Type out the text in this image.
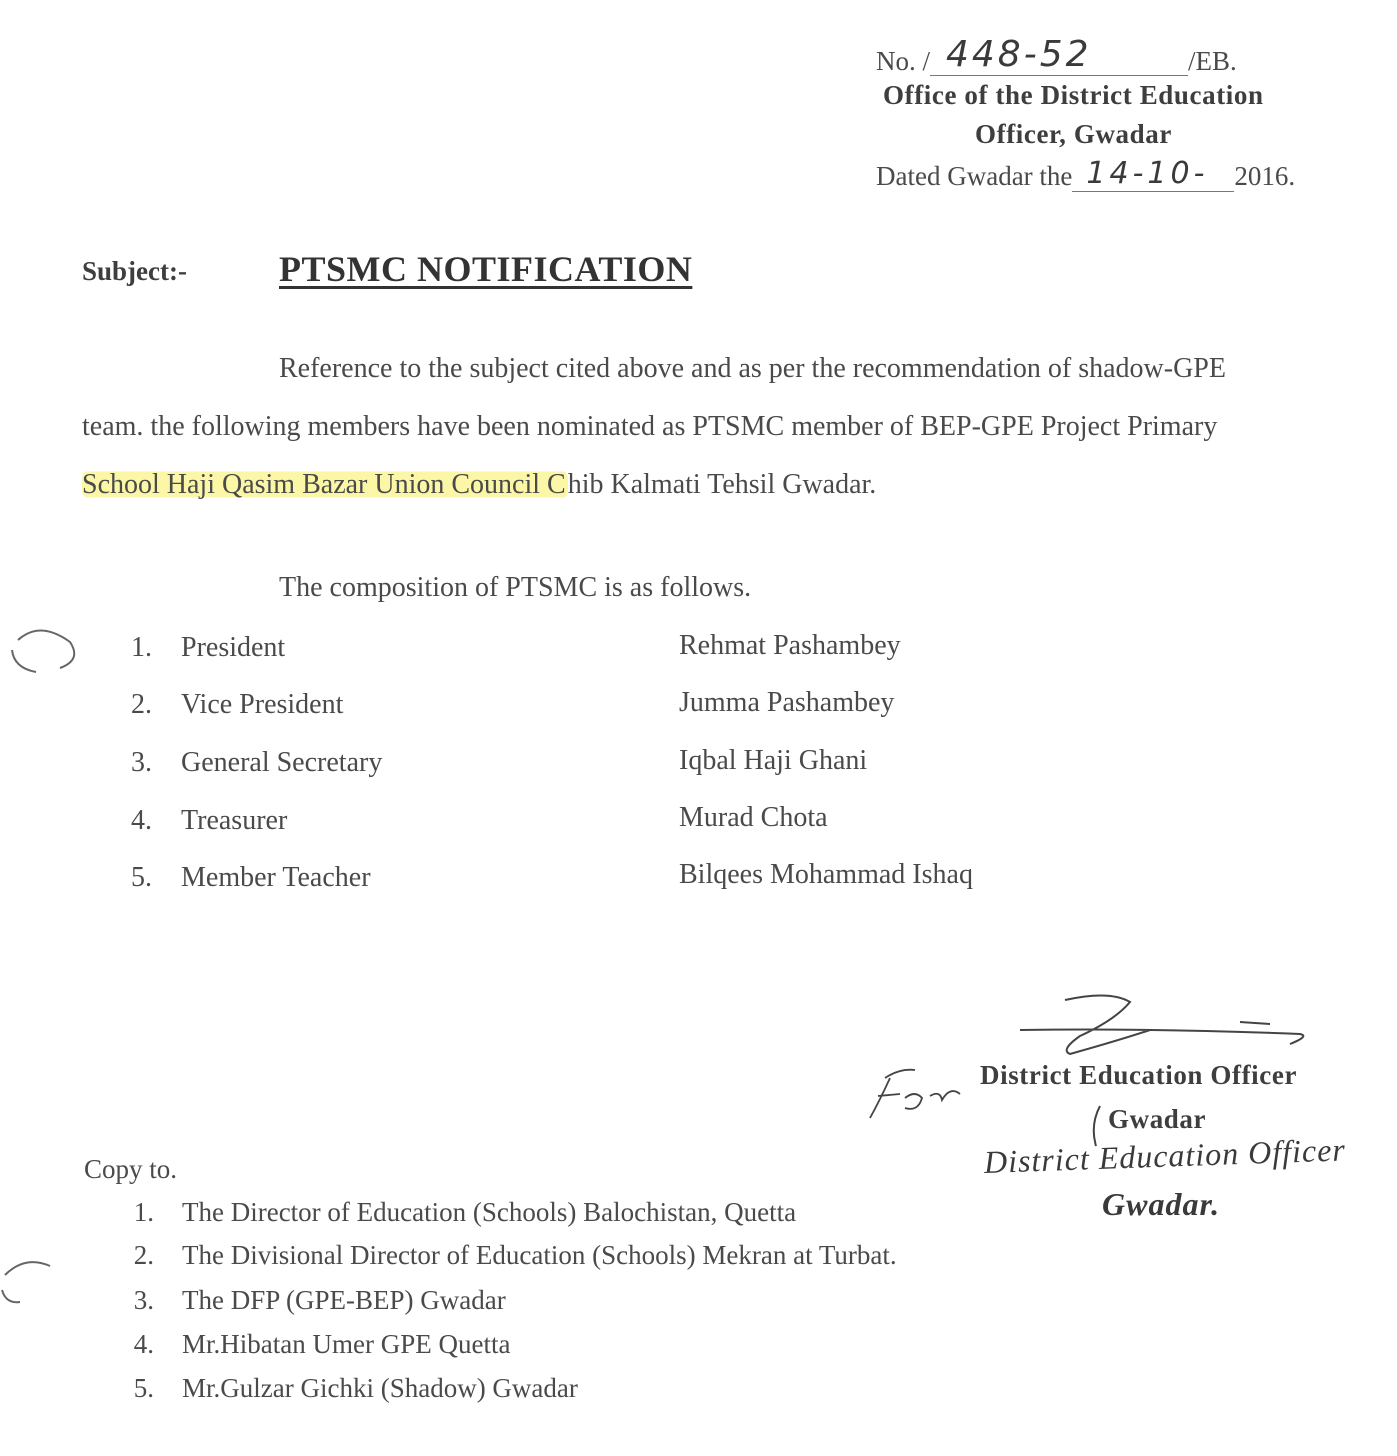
No. / 448-52	/EB.
Office of the District Education
Officer, Gwadar
Dated Gwadar the 14-10- 2016.
Subject:-	PTSMC NOTIFICATION
Reference to the subject cited above and as per the recommendation of shadow-GPE
team. the following members have been nominated as PTSMC member of BEP-GPE Project Primary
School Haji Qasim Bazar Union Council Chib Kalmati Tehsil Gwadar.
The composition of PTSMC is as follows.
1. President	Rehmat Pashambey
2. Vice President	Jumma Pashambey
3. General Secretary	Iqbal Haji Ghani
4. Treasurer	Murad Chota
5. Member Teacher	Bilqees Mohammad Ishaq
District Education Officer
Gwadar
District Education Officer
Gwadar.
Copy to.
1. The Director of Education (Schools) Balochistan, Quetta
2. The Divisional Director of Education (Schools) Mekran at Turbat.
3. The DFP (GPE-BEP) Gwadar
4. Mr.Hibatan Umer GPE Quetta
5. Mr.Gulzar Gichki (Shadow) Gwadar
